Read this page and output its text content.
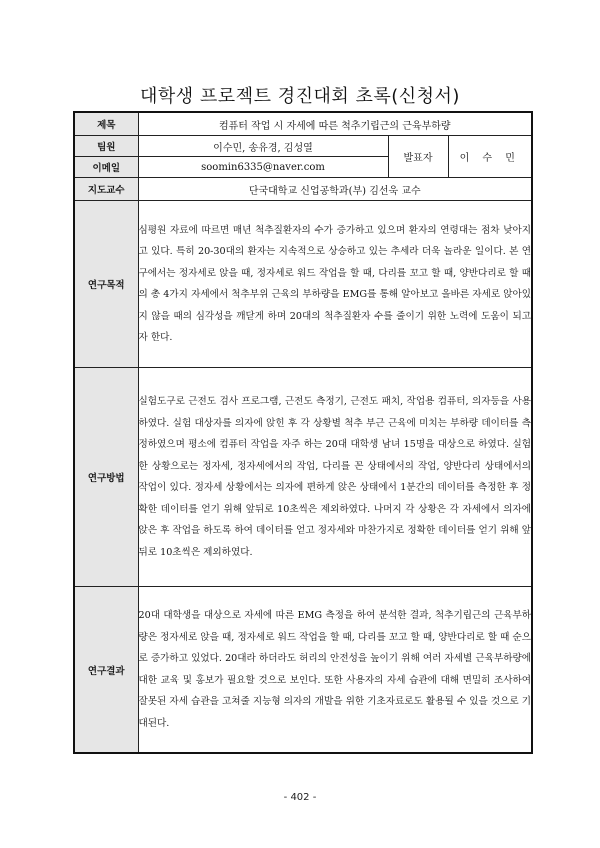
대학생 프로젝트 경진대회 초록(신청서)
제목	컴퓨터 작업 시 자세에 따른 척추기립근의 근육부하량		
팀원	이수민, 송유경, 김성열	발표자	이 수 민
이메일	soomin6335@naver.com		
지도교수	단국대학교 신업공학과(부) 김선욱 교수		
연구목적	심평원 자료에 따르면 매년 척추질환자의 수가 증가하고 있으며 환자의 연령대는 점차 낮아지고 있다. 특히 20-30대의 환자는 지속적으로 상승하고 있는 추세라 더욱 놀라운 일이다. 본 연구에서는 정자세로 앉을 때, 정자세로 워드 작업을 할 때, 다리를 꼬고 할 때, 양반다리로 할 때의 총 4가지 자세에서 척추부위 근육의 부하량을 EMG를 통해 알아보고 올바른 자세로 앉아있지 않을 때의 심각성을 깨닫게 하며 20대의 척추질환자 수를 줄이기 위한 노력에 도움이 되고자 한다.		
연구방법	실험도구로 근전도 검사 프로그램, 근전도 측정기, 근전도 패치, 작업용 컴퓨터, 의자등을 사용하였다. 실험 대상자를 의자에 앉힌 후 각 상황별 척추 부근 근육에 미치는 부하량 데이터를 측정하였으며 평소에 컴퓨터 작업을 자주 하는 20대 대학생 남녀 15명을 대상으로 하였다. 실험한 상황으로는 정자세, 정자세에서의 작업, 다리를 꼰 상태에서의 작업, 양반다리 상태에서의 작업이 있다. 정자세 상황에서는 의자에 편하게 앉은 상태에서 1분간의 데이터를 측정한 후 정확한 데이터를 얻기 위해 앞뒤로 10초씩은 제외하였다. 나머지 각 상황은 각 자세에서 의자에 앉은 후 작업을 하도록 하여 데이터를 얻고 정자세와 마찬가지로 정확한 데이터를 얻기 위해 앞뒤로 10초씩은 제외하였다.		
연구결과	20대 대학생을 대상으로 자세에 따른 EMG 측정을 하여 분석한 결과, 척추기립근의 근육부하량은 정자세로 앉을 때, 정자세로 워드 작업을 할 때, 다리를 꼬고 할 때, 양반다리로 할 때 순으로 증가하고 있었다. 20대라 하더라도 허리의 안전성을 높이기 위해 여러 자세별 근육부하량에 대한 교육 및 홍보가 필요할 것으로 보인다. 또한 사용자의 자세 습관에 대해 면밀히 조사하여 잘못된 자세 습관을 고쳐줄 지능형 의자의 개발을 위한 기초자료로도 활용될 수 있을 것으로 기대된다.		
- 402 -
